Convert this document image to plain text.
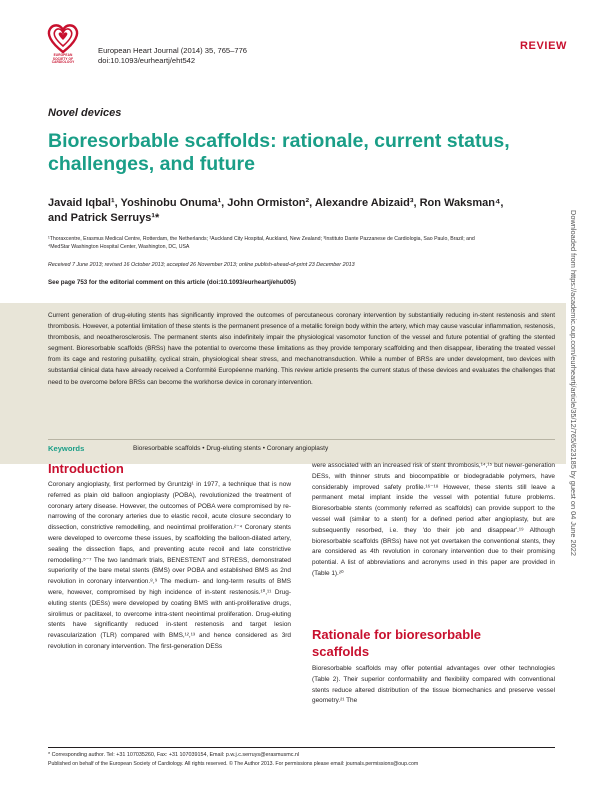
EUROPEAN SOCIETY OF CARDIOLOGY
European Heart Journal (2014) 35, 765–776
doi:10.1093/eurheartj/eht542
REVIEW
Novel devices
Bioresorbable scaffolds: rationale, current status, challenges, and future
Javaid Iqbal¹, Yoshinobu Onuma¹, John Ormiston², Alexandre Abizaid³, Ron Waksman⁴,
and Patrick Serruys¹*
¹Thoraxcentre, Erasmus Medical Centre, Rotterdam, the Netherlands; ²Auckland City Hospital, Auckland, New Zealand; ³Instituto Dante Pazzanese de Cardiologia, Sao Paulo, Brazil; and
⁴MedStar Washington Hospital Center, Washington, DC, USA
Received 7 June 2013; revised 16 October 2013; accepted 26 November 2013; online publish-ahead-of-print 23 December 2013
See page 753 for the editorial comment on this article (doi:10.1093/eurheartj/ehu005)
Current generation of drug-eluting stents has significantly improved the outcomes of percutaneous coronary intervention by substantially reducing in-stent restenosis and stent thrombosis. However, a potential limitation of these stents is the permanent presence of a metallic foreign body within the artery, which may cause vascular inflammation, restenosis, thrombosis, and neoatherosclerosis. The permanent stents also indefinitely impair the physiological vasomotor function of the vessel and future potential of grafting the stented segment. Bioresorbable scaffolds (BRSs) have the potential to overcome these limitations as they provide temporary scaffolding and then disappear, liberating the treated vessel from its cage and restoring pulsatility, cyclical strain, physiological shear stress, and mechanotransduction. While a number of BRSs are under development, two devices with substantial clinical data have already received a Conformité Européenne marking. This review article presents the current status of these devices and evaluates the challenges that need to be overcome before BRSs can become the workhorse device in coronary intervention.
Keywords	Bioresorbable scaffolds • Drug-eluting stents • Coronary angioplasty
Introduction

Coronary angioplasty, first performed by Gruntzig¹ in 1977, a technique that is now referred as plain old balloon angioplasty (POBA), revolutionized the treatment of coronary artery disease. However, the outcomes of POBA were compromised by re-narrowing of the coronary arteries due to elastic recoil, acute closure secondary to dissection, constrictive remodelling, and neointimal proliferation.²⁻⁴ Coronary stents were developed to overcome these issues, by scaffolding the balloon-dilated artery, sealing the dissection flaps, and preventing acute recoil and late constrictive remodelling.⁵⁻⁷ The two landmark trials, BENESTENT and STRESS, demonstrated superiority of the bare metal stents (BMS) over POBA and established BMS as 2nd revolution in coronary intervention.⁸,⁹ The medium- and long-term results of BMS were, however, compromised by high incidence of in-stent restenosis.¹⁰,¹¹ Drug-eluting stents (DESs) were developed by coating BMS with anti-proliferative drugs, sirolimus or paclitaxel, to overcome intra-stent neointimal proliferation. Drug-eluting stents have significantly reduced in-stent restenosis and target lesion revascularization (TLR) compared with BMS,¹²,¹³ and hence considered as 3rd revolution in coronary intervention. The first-generation DESs

were associated with an increased risk of stent thrombosis,¹⁴,¹⁵ but newer-generation DESs, with thinner struts and biocompatible or biodegradable polymers, have considerably improved safety profile.¹⁶⁻¹⁸ However, these stents still leave a permanent metal implant inside the vessel with potential future problems. Bioresorbable stents (commonly referred as scaffolds) can provide support to the vessel wall (similar to a stent) for a defined period after angioplasty, but are subsequently resorbed, i.e. they 'do their job and disappear'.¹⁹ Although bioresorbable scaffolds (BRSs) have not yet overtaken the conventional stents, they are considered as 4th revolution in coronary intervention due to their promising potential. A list of abbreviations and acronyms used in this paper are provided in (Table 1).²⁰

Rationale for bioresorbable
scaffolds

Bioresorbable scaffolds may offer potential advantages over other technologies (Table 2). Their superior conformability and flexibility compared with conventional stents reduce altered distribution of the tissue biomechanics and preserve vessel geometry.²¹ The

Downloaded from https://academic.oup.com/eurheartj/article/35/12/765/623185 by guest on 04 June 2022
* Corresponding author. Tel: +31 107035260, Fax: +31 107039154, Email: p.w.j.c.serruys@erasmusmc.nl
Published on behalf of the European Society of Cardiology. All rights reserved. © The Author 2013. For permissions please email: journals.permissions@oup.com
